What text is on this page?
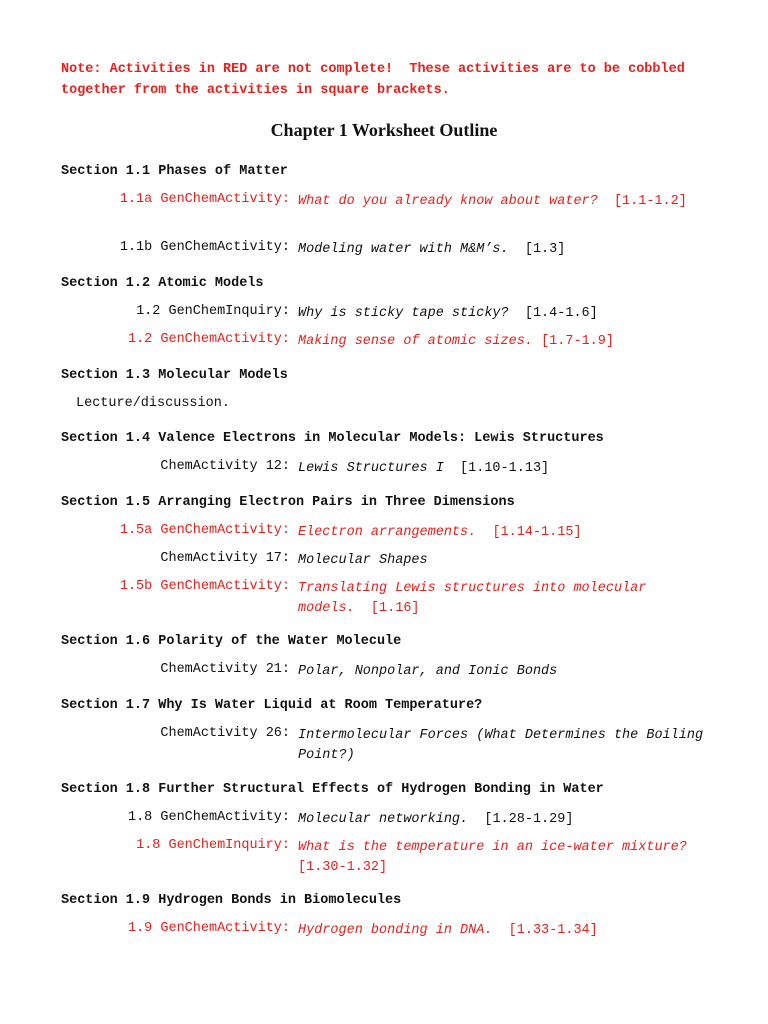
Note: Activities in RED are not complete!  These activities are to be cobbled together from the activities in square brackets.
Chapter 1 Worksheet Outline
Section 1.1 Phases of Matter
1.1a GenChemActivity: What do you already know about water? [1.1-1.2]
1.1b GenChemActivity: Modeling water with M&M’s. [1.3]
Section 1.2 Atomic Models
1.2 GenChemInquiry: Why is sticky tape sticky? [1.4-1.6]
1.2 GenChemActivity: Making sense of atomic sizes. [1.7-1.9]
Section 1.3 Molecular Models
Lecture/discussion.
Section 1.4 Valence Electrons in Molecular Models: Lewis Structures
ChemActivity 12: Lewis Structures I [1.10-1.13]
Section 1.5 Arranging Electron Pairs in Three Dimensions
1.5a GenChemActivity: Electron arrangements. [1.14-1.15]
ChemActivity 17: Molecular Shapes
1.5b GenChemActivity: Translating Lewis structures into molecular models. [1.16]
Section 1.6 Polarity of the Water Molecule
ChemActivity 21: Polar, Nonpolar, and Ionic Bonds
Section 1.7 Why Is Water Liquid at Room Temperature?
ChemActivity 26: Intermolecular Forces (What Determines the Boiling Point?)
Section 1.8 Further Structural Effects of Hydrogen Bonding in Water
1.8 GenChemActivity: Molecular networking. [1.28-1.29]
1.8 GenChemInquiry: What is the temperature in an ice-water mixture?  [1.30-1.32]
Section 1.9 Hydrogen Bonds in Biomolecules
1.9 GenChemActivity: Hydrogen bonding in DNA. [1.33-1.34]
